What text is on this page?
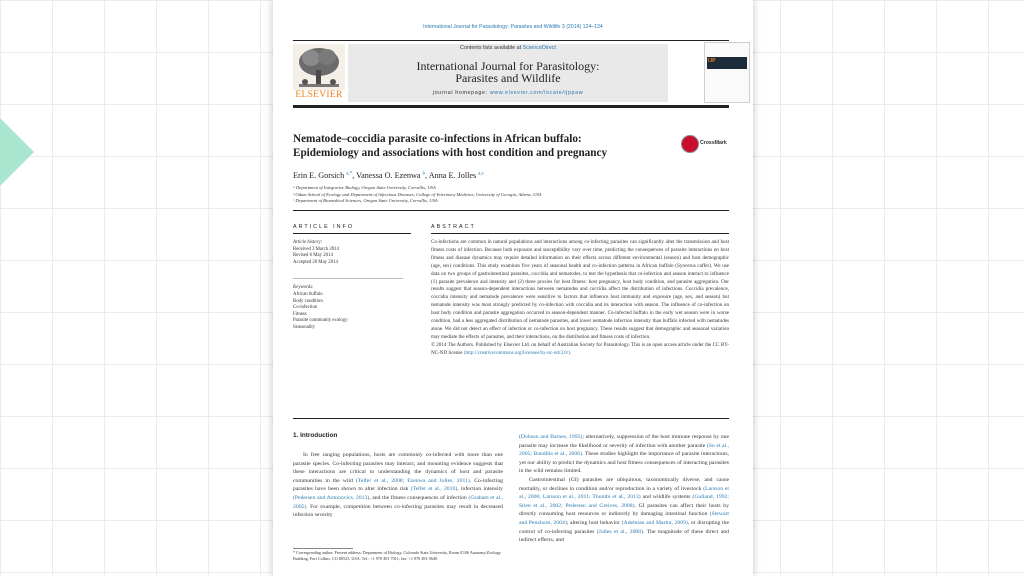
International Journal for Parasitology: Parasites and Wildlife 3 (2014) 124–134
ELSEVIER
Contents lists available at ScienceDirect
International Journal for Parasitology:
Parasites and Wildlife
journal homepage: www.elsevier.com/locate/ijppaw
IJP
Nematode–coccidia parasite co-infections in African buffalo:
Epidemiology and associations with host condition and pregnancy
Erin E. Gorsich $^{a,*}$, Vanessa O. Ezenwa $^b$, Anna E. Jolles $^{a,c}$
CrossMark
ᵃ Department of Integrative Biology, Oregon State University, Corvallis, USA
ᵇ Odum School of Ecology and Department of Infectious Diseases, College of Veterinary Medicine, University of Georgia, Athens, USA
ᶜ Department of Biomedical Sciences, Oregon State University, Corvallis, USA
ARTICLE INFO	ABSTRACT
Article history:
Received 3 March 2014
Revised 6 May 2014
Accepted 28 May 2014
Keywords:
African buffalo
Body condition
Co-infection
Fitness
Parasite community ecology
Seasonality
Co-infections are common in natural populations and interactions among co-infecting parasites can significantly alter the transmission and host fitness costs of infection. Because both exposure and susceptibility vary over time, predicting the consequences of parasite interactions on host fitness and disease dynamics may require detailed information on their effects across different environmental (season) and host demographic (age, sex) conditions. This study examines five years of seasonal health and co-infection patterns in African buffalo (Syncerus caffer). We use data on two groups of gastrointestinal parasites, coccidia and nematodes, to test the hypothesis that co-infection and season interact to influence (1) parasite prevalence and intensity and (2) three proxies for host fitness: host pregnancy, host body condition, and parasite aggregation. Our results suggest that season-dependent interactions between nematodes and coccidia affect the distribution of infections. Coccidia prevalence, coccidia intensity and nematode prevalence were sensitive to factors that influence host immunity and exposure (age, sex, and season) but nematode intensity was most strongly predicted by co-infection with coccidia and its interaction with season. The influence of co-infection on host body condition and parasite aggregation occurred in season-dependent manner. Co-infected buffalo in the early wet season were in worse condition, had a less aggregated distribution of nematode parasites, and lower nematode infection intensity than buffalo infected with nematodes alone. We did not detect an effect of infection or co-infection on host pregnancy. These results suggest that demographic and seasonal variation may mediate the effects of parasites, and their interactions, on the distribution and fitness costs of infection.
© 2014 The Authors. Published by Elsevier Ltd. on behalf of Australian Society for Parasitology. This is an open access article under the CC BY-NC-ND license (http://creativecommons.org/licenses/by-nc-nd/3.0/).
1. Introduction

In free ranging populations, hosts are commonly co-infected with more than one parasite species. Co-infecting parasites may interact, and mounting evidence suggests that these interactions are critical to understanding the dynamics of host and parasite communities in the wild (Telfer et al., 2008; Ezenwa and Jolles, 2011). Co-infecting parasites have been shown to alter infection risk (Telfer et al., 2010), infection intensity (Pedersen and Antonovics, 2013), and the fitness consequences of infection (Graham et al., 2005). For example, competition between co-infecting parasites may result in decreased infection severity

(Dobson and Barnes, 1995); alternatively, suppression of the host immune response by one parasite may increase the likelihood or severity of infection with another parasite (Su et al., 2005; Bandilla et al., 2006). These studies highlight the importance of parasite interactions, yet our ability to predict the dynamics and host fitness consequences of interacting parasites in the wild remains limited.

Gastrointestinal (GI) parasites are ubiquitous, taxonomically diverse, and cause mortality, or declines in condition and/or reproduction in a variety of livestock (Larsson et al., 2006; Larsson et al., 2011; Thumbi et al., 2013) and wildlife systems (Gulland, 1992; Stien et al., 2002; Pedersen and Greives, 2008). GI parasites can affect their hosts by directly consuming host resources or indirectly by damaging intestinal function (Stewart and Penzhorn, 2004); altering host behavior (Adelman and Martin, 2009), or disrupting the control of co-infecting parasites (Jolles et al., 2008). The magnitude of these direct and indirect effects, and

* Corresponding author. Present address: Department of Biology, Colorado State University, Room E106 Anatomy/Zoology Building, Fort Collins, CO 80523, USA. Tel.: +1 970 491 7011; fax: +1 970 491 0649.
